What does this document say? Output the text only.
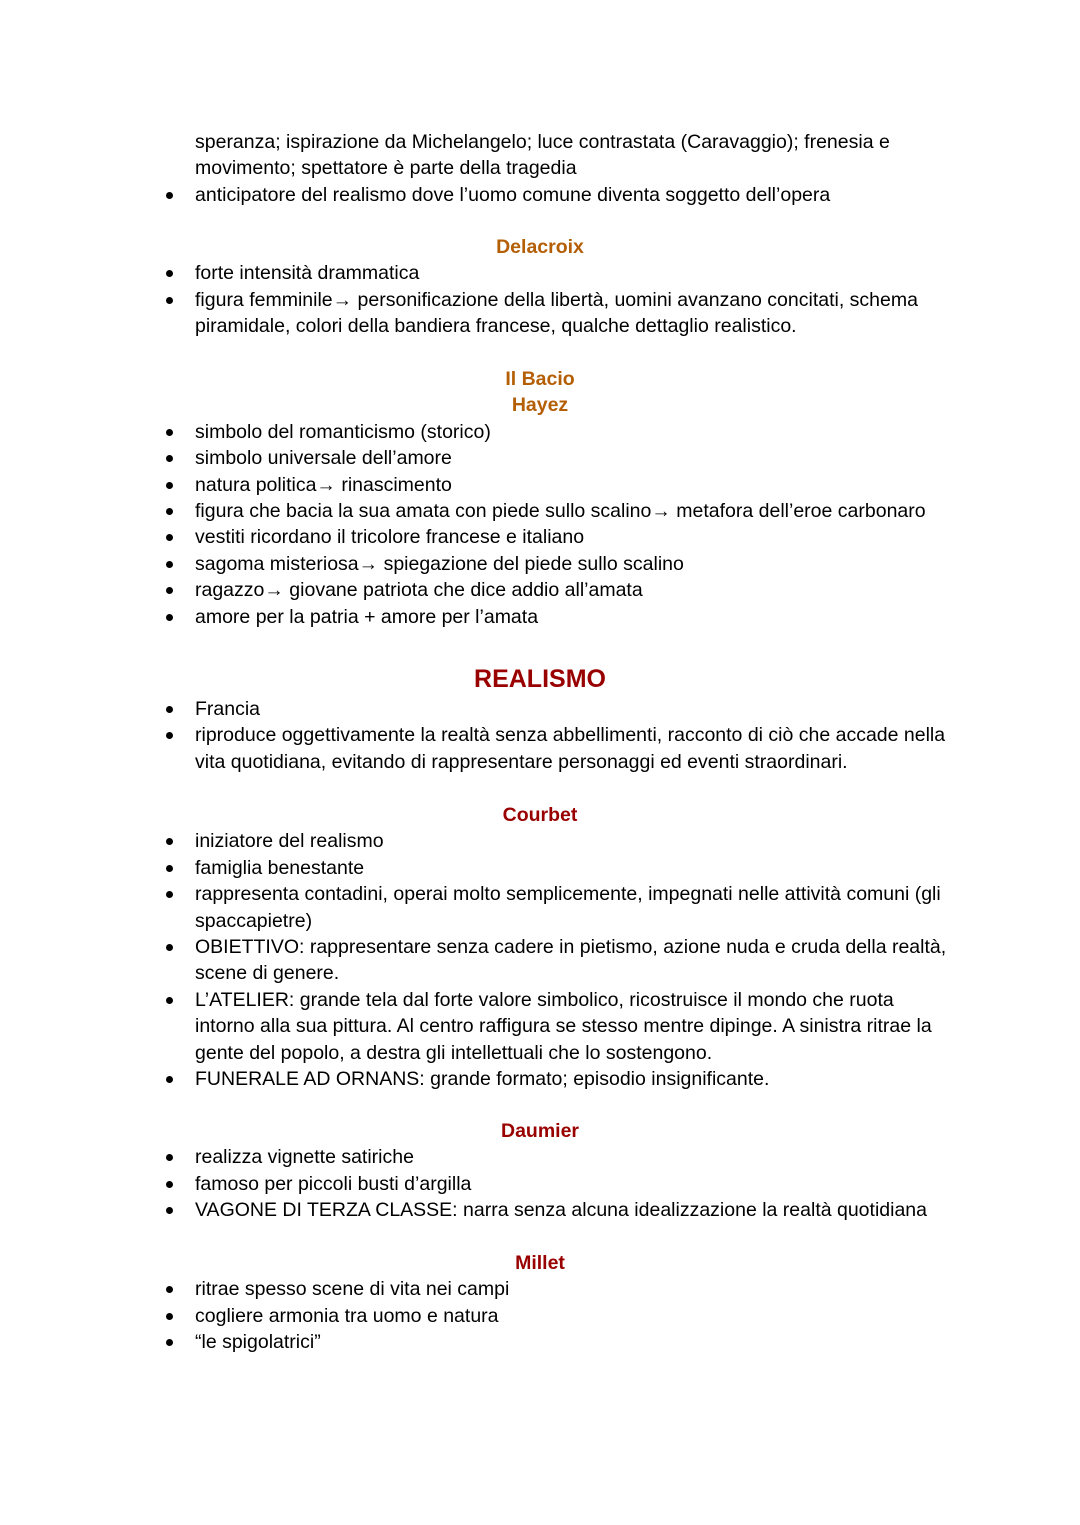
speranza; ispirazione da Michelangelo; luce contrastata (Caravaggio); frenesia e movimento; spettatore è parte della tragedia
anticipatore del realismo dove l’uomo comune diventa soggetto dell’opera
Delacroix
forte intensità drammatica
figura femminile→ personificazione della libertà, uomini avanzano concitati, schema piramidale, colori della bandiera francese, qualche dettaglio realistico.
Il Bacio
Hayez
simbolo del romanticismo (storico)
simbolo universale dell’amore
natura politica→ rinascimento
figura che bacia la sua amata con piede sullo scalino→ metafora dell’eroe carbonaro
vestiti ricordano il tricolore francese e italiano
sagoma misteriosa→ spiegazione del piede sullo scalino
ragazzo→ giovane patriota che dice addio all’amata
amore per la patria + amore per l’amata
REALISMO
Francia
riproduce oggettivamente la realtà senza abbellimenti, racconto di ciò che accade nella vita quotidiana, evitando di rappresentare personaggi ed eventi straordinari.
Courbet
iniziatore del realismo
famiglia benestante
rappresenta contadini, operai molto semplicemente, impegnati nelle attività comuni (gli spaccapietre)
OBIETTIVO: rappresentare senza cadere in pietismo, azione nuda e cruda della realtà, scene di genere.
L’ATELIER: grande tela dal forte valore simbolico, ricostruisce il mondo che ruota intorno alla sua pittura. Al centro raffigura se stesso mentre dipinge. A sinistra ritrae la gente del popolo, a destra gli intellettuali che lo sostengono.
FUNERALE AD ORNANS: grande formato; episodio insignificante.
Daumier
realizza vignette satiriche
famoso per piccoli busti d’argilla
VAGONE DI TERZA CLASSE: narra senza alcuna idealizzazione la realtà quotidiana
Millet
ritrae spesso scene di vita nei campi
cogliere armonia tra uomo e natura
“le spigolatrici”
